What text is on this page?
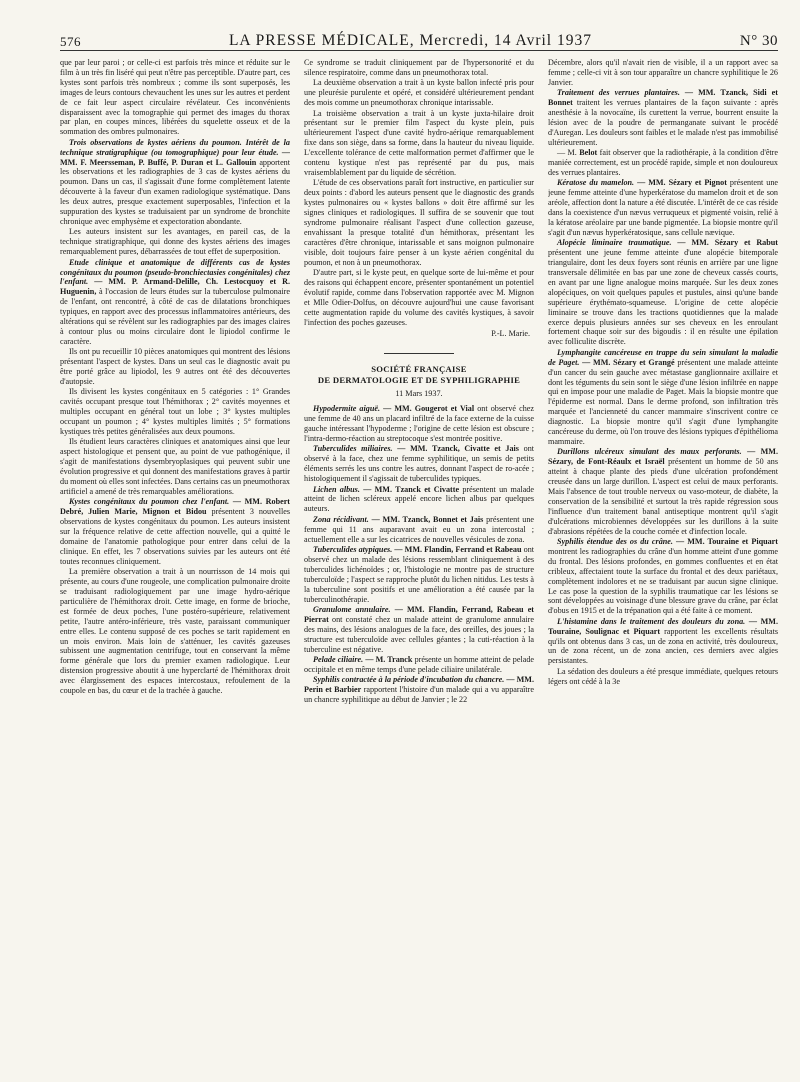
576	LA PRESSE MÉDICALE, Mercredi, 14 Avril 1937	N° 30

que par leur paroi ; or celle-ci est parfois très mince et réduite sur le film à un très fin liséré qui peut n'être pas perceptible. D'autre part, ces kystes sont parfois très nombreux ; comme ils sont superposés, les images de leurs contours chevauchent les unes sur les autres et perdent de ce fait leur aspect circulaire révélateur. Ces inconvénients disparaissent avec la tomographie qui permet des images du thorax par plan, en coupes minces, libérées du squelette osseux et de la sommation des ombres pulmonaires.

Trois observations de kystes aériens du poumon. Intérêt de la technique stratigraphique (ou tomographique) pour leur étude. — MM. F. Meersseman, P. Buffé, P. Duran et L. Gallouin apportent les observations et les radiographies de 3 cas de kystes aériens du poumon. Dans un cas, il s'agissait d'une forme complètement latente découverte à la faveur d'un examen radiologique systématique. Dans les deux autres, presque exactement superposables, l'infection et la suppuration des kystes se traduisaient par un syndrome de bronchite chronique avec emphysème et expectoration abondante.

Les auteurs insistent sur les avantages, en pareil cas, de la technique stratigraphique, qui donne des kystes aériens des images remarquablement pures, débarrassées de tout effet de superposition.

Etude clinique et anatomique de différents cas de kystes congénitaux du poumon (pseudo-bronchiectasies congénitales) chez l'enfant. — MM. P. Armand-Delille, Ch. Lestocquoy et R. Huguenin, à l'occasion de leurs études sur la tuberculose pulmonaire de l'enfant, ont rencontré, à côté de cas de dilatations bronchiques typiques, en rapport avec des processus inflammatoires antérieurs, des altérations qui se révèlent sur les radiographies par des images claires à contour plus ou moins circulaire dont le lipiodol confirme le caractère.

Ils ont pu recueillir 10 pièces anatomiques qui montrent des lésions présentant l'aspect de kystes. Dans un seul cas le diagnostic avait pu être porté grâce au lipiodol, les 9 autres ont été des découvertes d'autopsie.

Ils divisent les kystes congénitaux en 5 catégories : 1° Grandes cavités occupant presque tout l'hémithorax ; 2° cavités moyennes et multiples occupant en général tout un lobe ; 3° kystes multiples occupant un poumon ; 4° kystes multiples limités ; 5° formations kystiques très petites généralisées aux deux poumons.

Ils étudient leurs caractères cliniques et anatomiques ainsi que leur aspect histologique et pensent que, au point de vue pathogénique, il s'agit de manifestations dysembryoplasiques qui peuvent subir une évolution progressive et qui donnent des manifestations graves à partir du moment où elles sont infectées. Dans certains cas un pneumothorax artificiel a amené de très remarquables améliorations.

Kystes congénitaux du poumon chez l'enfant. — MM. Robert Debré, Julien Marie, Mignon et Bidou présentent 3 nouvelles observations de kystes congénitaux du poumon. Les auteurs insistent sur la fréquence relative de cette affection nouvelle, qui a quitté le domaine de l'anatomie pathologique pour entrer dans celui de la clinique. En effet, les 7 observations suivies par les auteurs ont été toutes reconnues cliniquement.

La première observation a trait à un nourrisson de 14 mois qui présente, au cours d'une rougeole, une complication pulmonaire droite se traduisant radiologiquement par une image hydro-aérique particulière de l'hémithorax droit. Cette image, en forme de brioche, est formée de deux poches, l'une postéro-supérieure, relativement petite, l'autre antéro-inférieure, très vaste, paraissant communiquer entre elles. Le contenu supposé de ces poches se tarit rapidement en un mois environ. Mais loin de s'atténuer, les cavités gazeuses subissent une augmentation centrifuge, tout en conservant la même forme générale que lors du premier examen radiologique. Leur distension progressive aboutit à une hyperclarté de l'hémithorax droit avec élargissement des espaces intercostaux, refoulement de la coupole en bas, du cœur et de la trachée à gauche.

Ce syndrome se traduit cliniquement par de l'hypersonorité et du silence respiratoire, comme dans un pneumothorax total.

La deuxième observation a trait à un kyste ballon infecté pris pour une pleurésie purulente et opéré, et considéré ultérieurement pendant des mois comme un pneumothorax chronique intarissable.

La troisième observation a trait à un kyste juxta-hilaire droit présentant sur le premier film l'aspect du kyste plein, puis ultérieurement l'aspect d'une cavité hydro-aérique remarquablement fixe dans son siège, dans sa forme, dans la hauteur du niveau liquide. L'excellente tolérance de cette malformation permet d'affirmer que le contenu kystique n'est pas représenté par du pus, mais vraisemblablement par du liquide de sécrétion.

L'étude de ces observations paraît fort instructive, en particulier sur deux points : d'abord les auteurs pensent que le diagnostic des grands kystes pulmonaires ou « kystes ballons » doit être affirmé sur les signes cliniques et radiologiques. Il suffira de se souvenir que tout syndrome pulmonaire réalisant l'aspect d'une collection gazeuse, envahissant la presque totalité d'un hémithorax, présentant les caractères d'être chronique, intarissable et sans moignon pulmonaire visible, doit toujours faire penser à un kyste aérien congénital du poumon, et non à un pneumothorax.

D'autre part, si le kyste peut, en quelque sorte de lui-même et pour des raisons qui échappent encore, présenter spontanément un potentiel évolutif rapide, comme dans l'observation rapportée avec M. Mignon et Mlle Odier-Dolfus, on découvre aujourd'hui une cause favorisant cette augmentation rapide du volume des cavités kystiques, à savoir l'infection des poches gazeuses.

P.-L. Marie.

SOCIÉTÉ FRANÇAISE
DE DERMATOLOGIE ET DE SYPHILIGRAPHIE
11 Mars 1937.

Hypodermite aiguë. — MM. Gougerot et Vial ont observé chez une femme de 40 ans un placard infiltré de la face externe de la cuisse gauche intéressant l'hypoderme ; l'origine de cette lésion est obscure ; l'intra-dermo-réaction au streptocoque s'est montrée positive.

Tuberculides miliaires. — MM. Tzanck, Civatte et Jais ont observé à la face, chez une femme syphilitique, un semis de petits éléments serrés les uns contre les autres, donnant l'aspect de ro-acée ; histologiquement il s'agissait de tuberculides typiques.

Lichen albus. — MM. Tzanck et Civatte présentent un malade atteint de lichen scléreux appelé encore lichen albus par quelques auteurs.

Zona récidivant. — MM. Tzanck, Bonnet et Jais présentent une femme qui 11 ans auparavant avait eu un zona intercostal ; actuellement elle a sur les cicatrices de nouvelles vésicules de zona.

Tuberculides atypiques. — MM. Flandin, Ferrand et Rabeau ont observé chez un malade des lésions ressemblant cliniquement à des tuberculides lichénoïdes ; or, l'histologie ne montre pas de structure tuberculoïde ; l'aspect se rapproche plutôt du lichen nitidus. Les tests à la tuberculine sont positifs et une amélioration a été causée par la tuberculinothérapie.

Granulome annulaire. — MM. Flandin, Ferrand, Rabeau et Pierrat ont constaté chez un malade atteint de granulome annulaire des mains, des lésions analogues de la face, des oreilles, des joues ; la structure est tuberculoïde avec cellules géantes ; la cuti-réaction à la tuberculine est négative.

Pelade ciliaire. — M. Tranck présente un homme atteint de pelade occipitale et en même temps d'une pelade ciliaire unilatérale.

Syphilis contractée à la période d'incubation du chancre. — MM. Perin et Barbier rapportent l'histoire d'un malade qui a vu apparaître un chancre syphilitique au début de Janvier ; le 22

Décembre, alors qu'il n'avait rien de visible, il a un rapport avec sa femme ; celle-ci vit à son tour apparaître un chancre syphilitique le 26 Janvier.

Traitement des verrues plantaires. — MM. Tzanck, Sidi et Bonnet traitent les verrues plantaires de la façon suivante : après anesthésie à la novocaïne, ils curettent la verrue, bourrent ensuite la lésion avec de la poudre de permanganate suivant le procédé d'Auregan. Les douleurs sont faibles et le malade n'est pas immobilisé ultérieurement.

— M. Belot fait observer que la radiothérapie, à la condition d'être maniée correctement, est un procédé rapide, simple et non douloureux des verrues plantaires.

Kératose du mamelon. — MM. Sézary et Pignot présentent une jeune femme atteinte d'une hyperkératose du mamelon droit et de son aréole, affection dont la nature a été discutée. L'intérêt de ce cas réside dans la coexistence d'un nævus verruqueux et pigmenté voisin, relié à la kératose aréolaire par une bande pigmentée. La biopsie montre qu'il s'agit d'un nævus hyperkératosique, sans cellule nævique.

Alopécie liminaire traumatique. — MM. Sézary et Rabut présentent une jeune femme atteinte d'une alopécie bitemporale triangulaire, dont les deux foyers sont réunis en arrière par une ligne transversale délimitée en bas par une zone de cheveux cassés courts, en avant par une ligne analogue moins marquée. Sur les deux zones alopéciques, on voit quelques papules et pustules, ainsi qu'une bande supérieure érythémato-squameuse. L'origine de cette alopécie liminaire se trouve dans les tractions quotidiennes que la malade exerce depuis plusieurs années sur ses cheveux en les enroulant fortement chaque soir sur des bigoudis : il en résulte une épilation avec folliculite discrète.

Lymphangite cancéreuse en trappe du sein simulant la maladie de Paget. — MM. Sézary et Grangé présentent une malade atteinte d'un cancer du sein gauche avec métastase ganglionnaire axillaire et dont les téguments du sein sont le siège d'une lésion infiltrée en nappe qui en impose pour une maladie de Paget. Mais la biopsie montre que l'épiderme est normal. Dans le derme profond, son infiltration très marquée et l'ancienneté du cancer mammaire s'inscrivent contre ce diagnostic. La biopsie montre qu'il s'agit d'une lymphangite cancéreuse du derme, où l'on trouve des lésions typiques d'épithélioma mammaire.

Durillons ulcéreux simulant des maux perforants. — MM. Sézary, de Font-Réaulx et Israël présentent un homme de 50 ans atteint à chaque plante des pieds d'une ulcération profondément creusée dans un large durillon. L'aspect est celui de maux perforants. Mais l'absence de tout trouble nerveux ou vaso-moteur, de diabète, la conservation de la sensibilité et surtout la très rapide régression sous l'influence d'un traitement banal antiseptique montrent qu'il s'agit d'ulcérations microbiennes développées sur les durillons à la suite d'abrasions répétées de la couche cornée et d'infection locale.

Syphilis étendue des os du crâne. — MM. Touraine et Piquart montrent les radiographies du crâne d'un homme atteint d'une gomme du frontal. Des lésions profondes, en gommes confluentes et en état cribleux, affectaient toute la surface du frontal et des deux pariétaux, complètement indolores et ne se traduisant par aucun signe clinique. Le cas pose la question de la syphilis traumatique car les lésions se sont développées au voisinage d'une blessure grave du crâne, par éclat d'obus en 1915 et de la trépanation qui a été faite à ce moment.

L'histamine dans le traitement des douleurs du zona. — MM. Touraine, Soulignac et Piquart rapportent les excellents résultats qu'ils ont obtenus dans 3 cas, un de zona en activité, très douloureux, un de zona récent, un de zona ancien, ces derniers avec algies persistantes.

La sédation des douleurs a été presque immédiate, quelques retours légers ont cédé à la 3e
